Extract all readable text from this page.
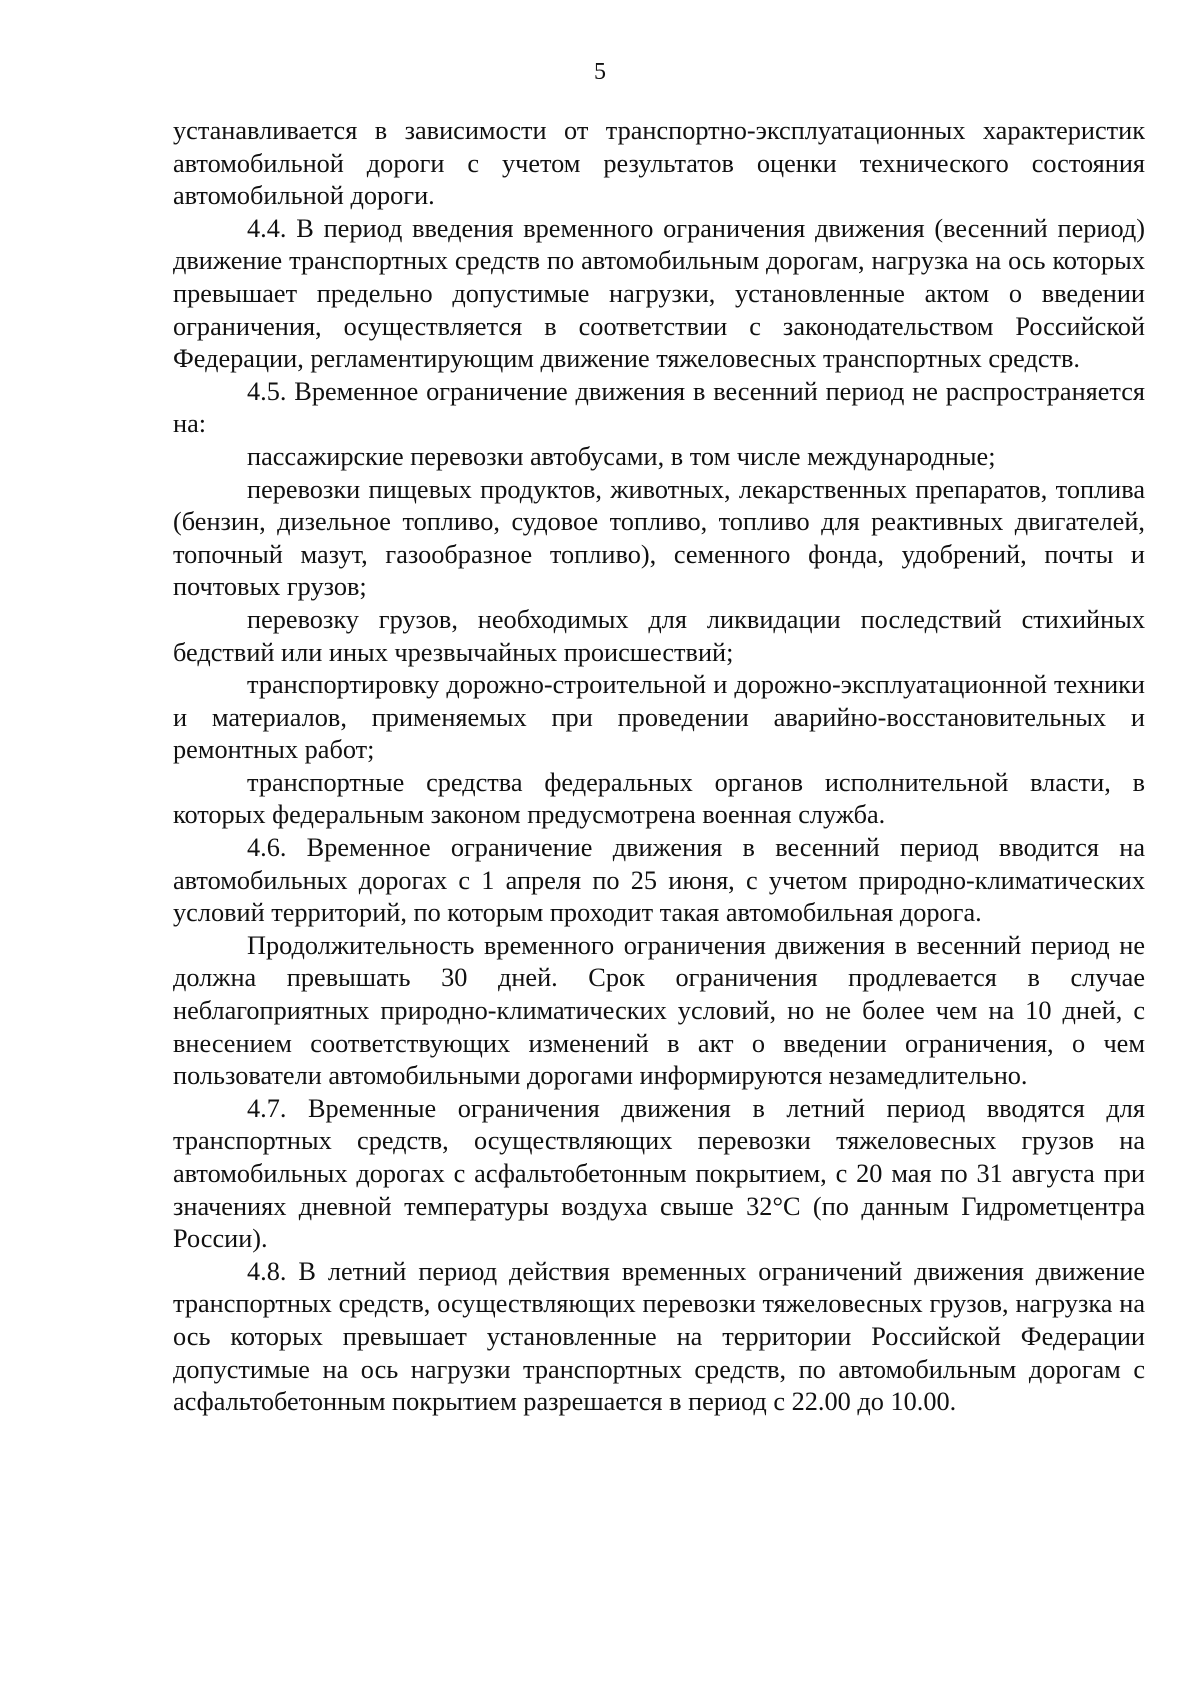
5

устанавливается в зависимости от транспортно-эксплуатационных характеристик автомобильной дороги с учетом результатов оценки технического состояния автомобильной дороги.

4.4. В период введения временного ограничения движения (весенний период) движение транспортных средств по автомобильным дорогам, нагрузка на ось которых превышает предельно допустимые нагрузки, установленные актом о введении ограничения, осуществляется в соответствии с законодательством Российской Федерации, регламентирующим движение тяжеловесных транспортных средств.

4.5. Временное ограничение движения в весенний период не распространяется на:

пассажирские перевозки автобусами, в том числе международные;

перевозки пищевых продуктов, животных, лекарственных препаратов, топлива (бензин, дизельное топливо, судовое топливо, топливо для реактивных двигателей, топочный мазут, газообразное топливо), семенного фонда, удобрений, почты и почтовых грузов;

перевозку грузов, необходимых для ликвидации последствий стихийных бедствий или иных чрезвычайных происшествий;

транспортировку дорожно-строительной и дорожно-эксплуатационной техники и материалов, применяемых при проведении аварийно-восстановительных и ремонтных работ;

транспортные средства федеральных органов исполнительной власти, в которых федеральным законом предусмотрена военная служба.

4.6. Временное ограничение движения в весенний период вводится на автомобильных дорогах с 1 апреля по 25 июня, с учетом природно-климатических условий территорий, по которым проходит такая автомобильная дорога.

Продолжительность временного ограничения движения в весенний период не должна превышать 30 дней. Срок ограничения продлевается в случае неблагоприятных природно-климатических условий, но не более чем на 10 дней, с внесением соответствующих изменений в акт о введении ограничения, о чем пользователи автомобильными дорогами информируются незамедлительно.

4.7. Временные ограничения движения в летний период вводятся для транспортных средств, осуществляющих перевозки тяжеловесных грузов на автомобильных дорогах с асфальтобетонным покрытием, с 20 мая по 31 августа при значениях дневной температуры воздуха свыше 32°C (по данным Гидрометцентра России).

4.8. В летний период действия временных ограничений движения движение транспортных средств, осуществляющих перевозки тяжеловесных грузов, нагрузка на ось которых превышает установленные на территории Российской Федерации допустимые на ось нагрузки транспортных средств, по автомобильным дорогам с асфальтобетонным покрытием разрешается в период с 22.00 до 10.00.
